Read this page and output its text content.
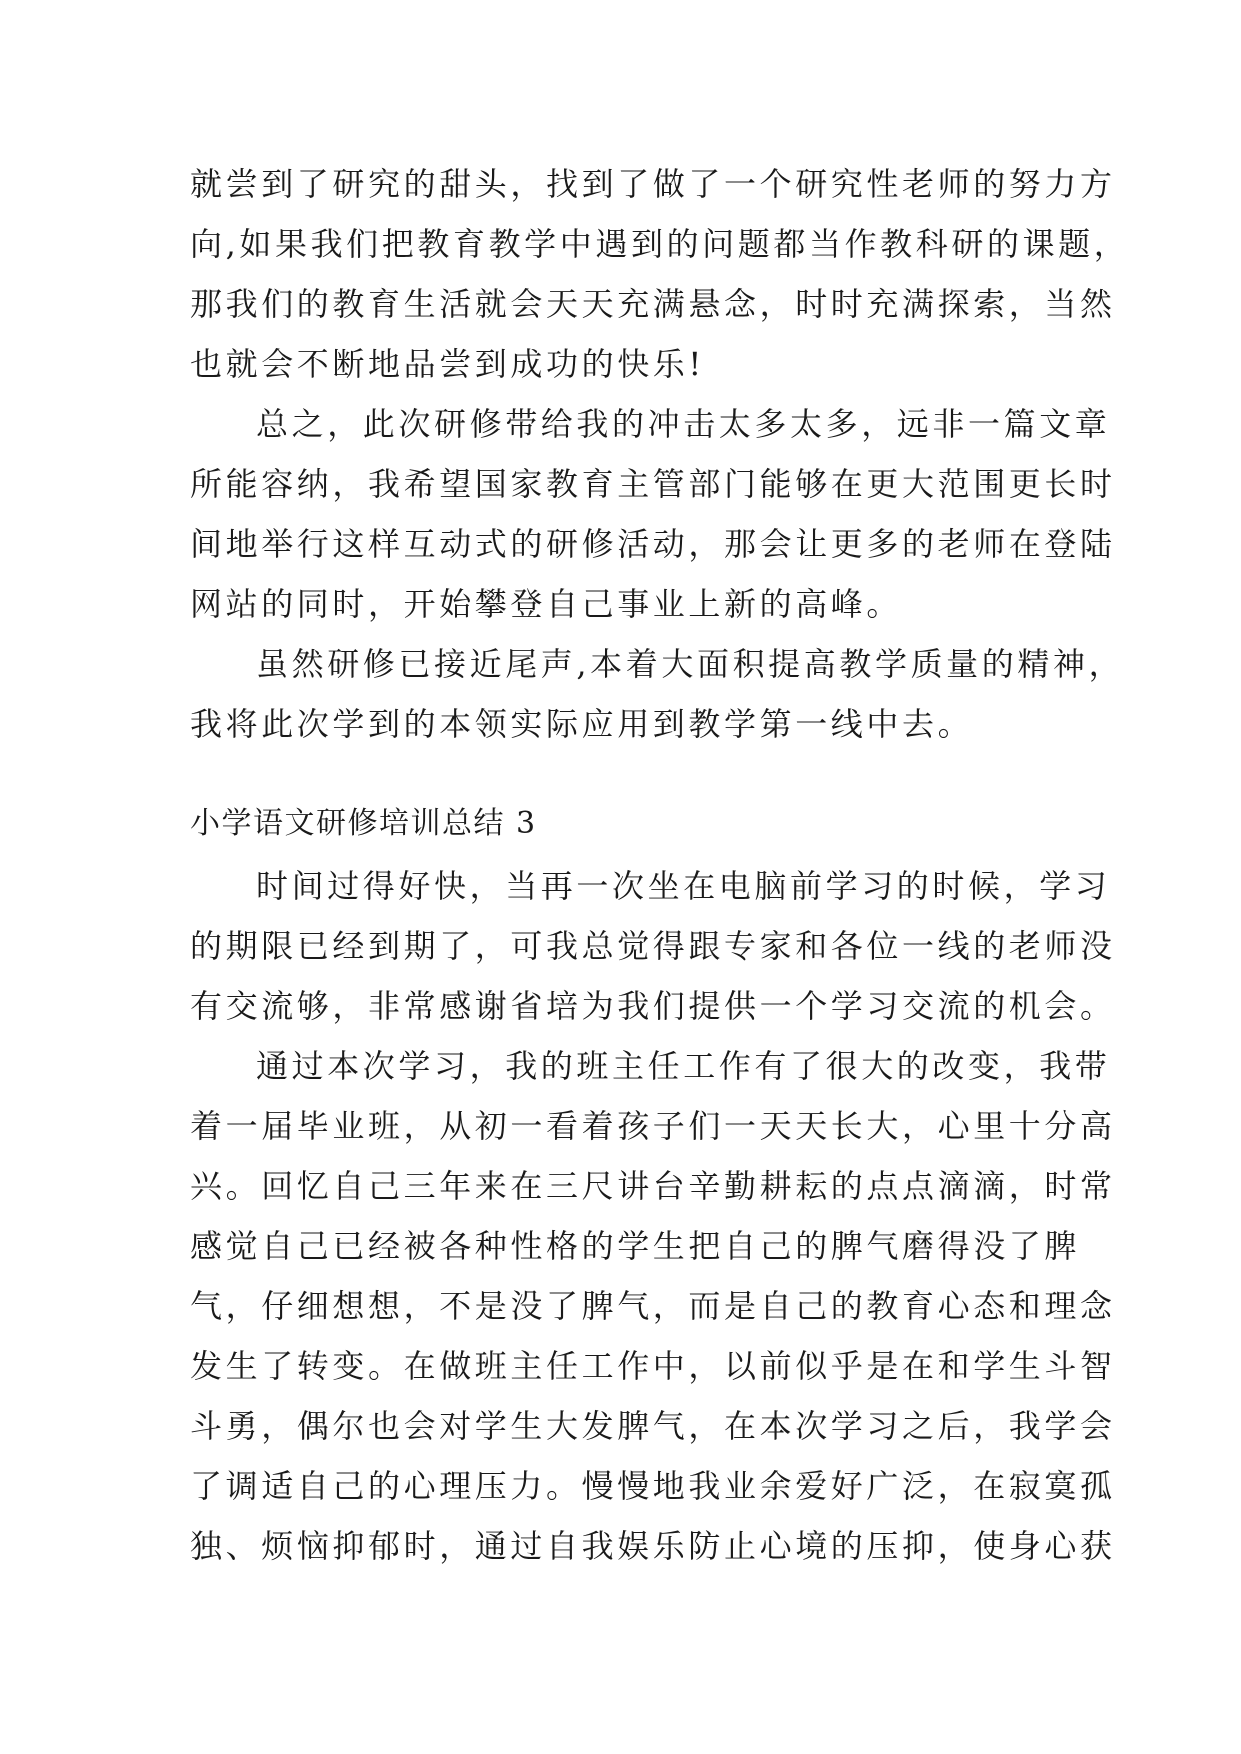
就尝到了研究的甜头，找到了做了一个研究性老师的努力方
向,如果我们把教育教学中遇到的问题都当作教科研的课题，
那我们的教育生活就会天天充满悬念，时时充满探索，当然
也就会不断地品尝到成功的快乐!
总之，此次研修带给我的冲击太多太多，远非一篇文章
所能容纳，我希望国家教育主管部门能够在更大范围更长时
间地举行这样互动式的研修活动，那会让更多的老师在登陆
网站的同时，开始攀登自己事业上新的高峰。
虽然研修已接近尾声,本着大面积提高教学质量的精神，
我将此次学到的本领实际应用到教学第一线中去。
小学语文研修培训总结 3
时间过得好快，当再一次坐在电脑前学习的时候，学习
的期限已经到期了，可我总觉得跟专家和各位一线的老师没
有交流够，非常感谢省培为我们提供一个学习交流的机会。
通过本次学习，我的班主任工作有了很大的改变，我带
着一届毕业班，从初一看着孩子们一天天长大，心里十分高
兴。回忆自己三年来在三尺讲台辛勤耕耘的点点滴滴，时常
感觉自己已经被各种性格的学生把自己的脾气磨得没了脾
气，仔细想想，不是没了脾气，而是自己的教育心态和理念
发生了转变。在做班主任工作中，以前似乎是在和学生斗智
斗勇，偶尔也会对学生大发脾气，在本次学习之后，我学会
了调适自己的心理压力。慢慢地我业余爱好广泛，在寂寞孤
独、烦恼抑郁时，通过自我娱乐防止心境的压抑，使身心获
